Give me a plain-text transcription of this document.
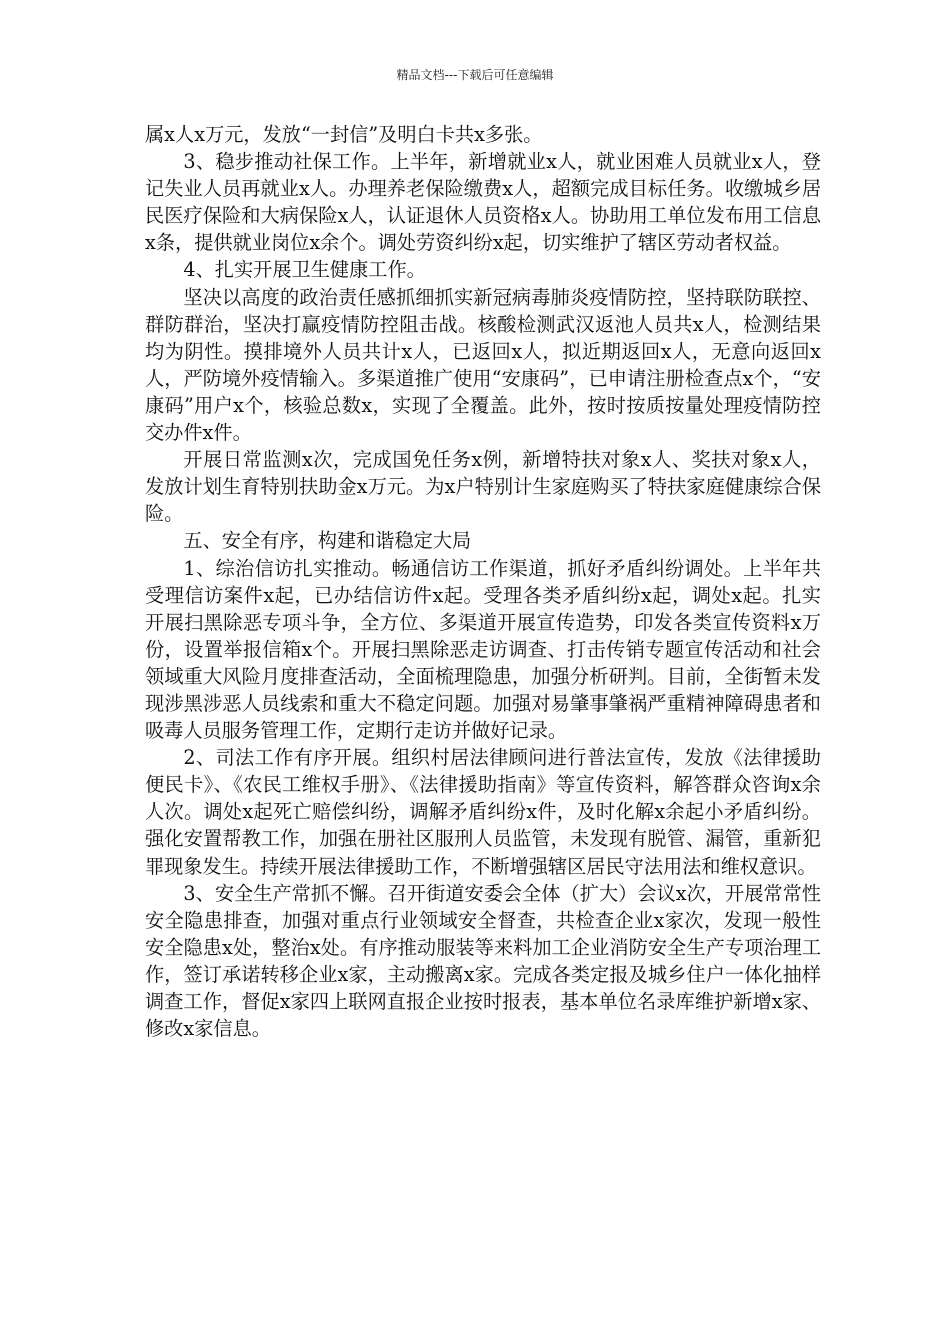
精品文档---下载后可任意编辑

属x人x万元，发放“一封信”及明白卡共x多张。

3、稳步推动社保工作。上半年，新增就业x人，就业困难人员就业x人，登记失业人员再就业x人。办理养老保险缴费x人，超额完成目标任务。收缴城乡居民医疗保险和大病保险x人，认证退休人员资格x人。协助用工单位发布用工信息x条，提供就业岗位x余个。调处劳资纠纷x起，切实维护了辖区劳动者权益。

4、扎实开展卫生健康工作。

坚决以高度的政治责任感抓细抓实新冠病毒肺炎疫情防控，坚持联防联控、群防群治，坚决打赢疫情防控阻击战。核酸检测武汉返池人员共x人，检测结果均为阴性。摸排境外人员共计x人，已返回x人，拟近期返回x人，无意向返回x人，严防境外疫情输入。多渠道推广使用“安康码”，已申请注册检查点x个，“安康码”用户x个，核验总数x，实现了全覆盖。此外，按时按质按量处理疫情防控交办件x件。

开展日常监测x次，完成国免任务x例，新增特扶对象x人、奖扶对象x人，发放计划生育特别扶助金x万元。为x户特别计生家庭购买了特扶家庭健康综合保险。

五、安全有序，构建和谐稳定大局

1、综治信访扎实推动。畅通信访工作渠道，抓好矛盾纠纷调处。上半年共受理信访案件x起，已办结信访件x起。受理各类矛盾纠纷x起，调处x起。扎实开展扫黑除恶专项斗争，全方位、多渠道开展宣传造势，印发各类宣传资料x万份，设置举报信箱x个。开展扫黑除恶走访调查、打击传销专题宣传活动和社会领域重大风险月度排查活动，全面梳理隐患，加强分析研判。目前，全街暂未发现涉黑涉恶人员线索和重大不稳定问题。加强对易肇事肇祸严重精神障碍患者和吸毒人员服务管理工作，定期行走访并做好记录。

2、司法工作有序开展。组织村居法律顾问进行普法宣传，发放《法律援助便民卡》、《农民工维权手册》、《法律援助指南》等宣传资料，解答群众咨询x余人次。调处x起死亡赔偿纠纷，调解矛盾纠纷x件，及时化解x余起小矛盾纠纷。强化安置帮教工作，加强在册社区服刑人员监管，未发现有脱管、漏管，重新犯罪现象发生。持续开展法律援助工作，不断增强辖区居民守法用法和维权意识。

3、安全生产常抓不懈。召开街道安委会全体（扩大）会议x次，开展常常性安全隐患排查，加强对重点行业领域安全督查，共检查企业x家次，发现一般性安全隐患x处，整治x处。有序推动服装等来料加工企业消防安全生产专项治理工作，签订承诺转移企业x家，主动搬离x家。完成各类定报及城乡住户一体化抽样调查工作，督促x家四上联网直报企业按时报表，基本单位名录库维护新增x家、修改x家信息。
